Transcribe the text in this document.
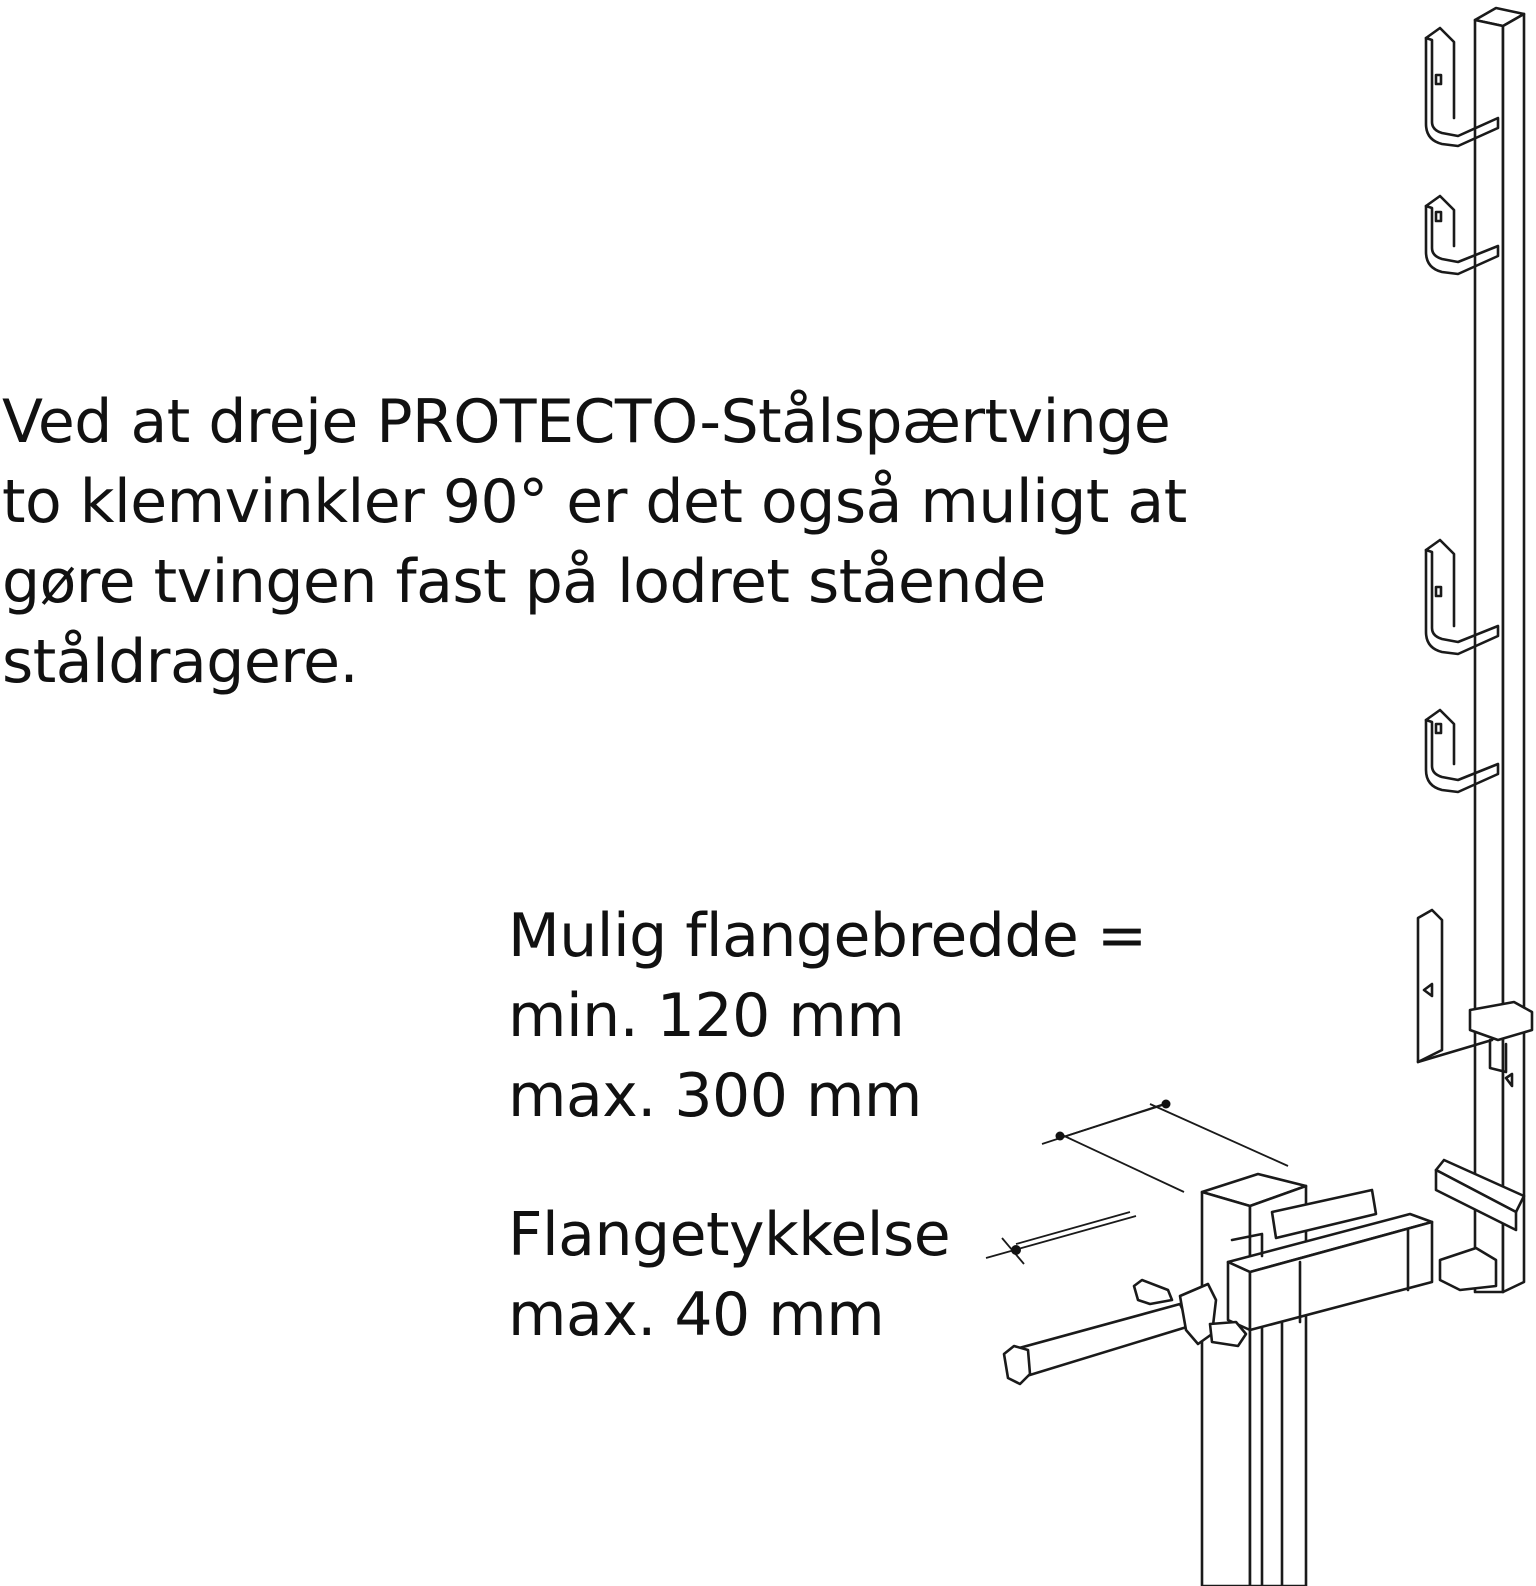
Ved at dreje PROTECTO-Stålspærtvinge
to klemvinkler 90° er det også muligt at
gøre tvingen fast på lodret stående
ståldragere.
Mulig flangebredde =
min. 120 mm
max. 300 mm
Flangetykkelse
max. 40 mm
